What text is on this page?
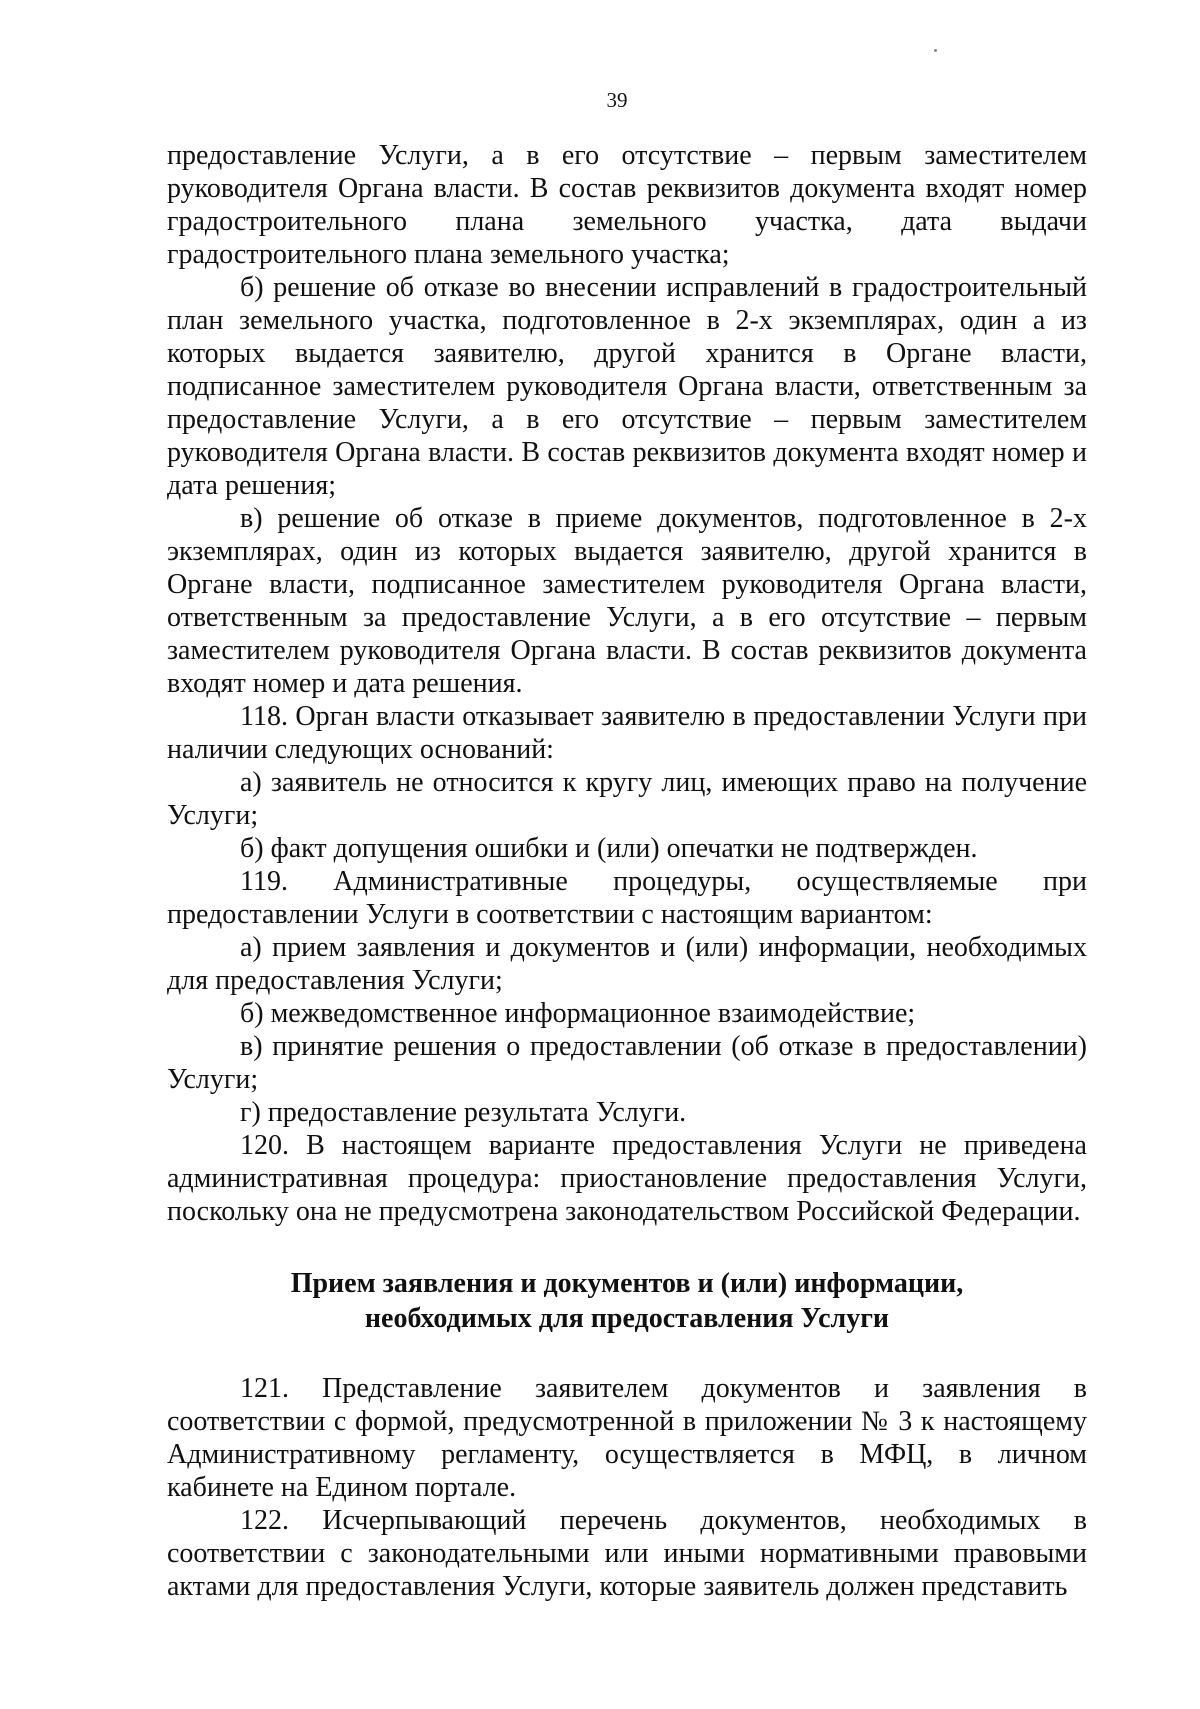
39

предоставление Услуги, а в его отсутствие – первым заместителем руководителя Органа власти. В состав реквизитов документа входят номер градостроительного плана земельного участка, дата выдачи градостроительного плана земельного участка;

б) решение об отказе во внесении исправлений в градостроительный план земельного участка, подготовленное в 2-х экземплярах, один а из которых выдается заявителю, другой хранится в Органе власти, подписанное заместителем руководителя Органа власти, ответственным за предоставление Услуги, а в его отсутствие – первым заместителем руководителя Органа власти. В состав реквизитов документа входят номер и дата решения;

в) решение об отказе в приеме документов, подготовленное в 2-х экземплярах, один из которых выдается заявителю, другой хранится в Органе власти, подписанное заместителем руководителя Органа власти, ответственным за предоставление Услуги, а в его отсутствие – первым заместителем руководителя Органа власти. В состав реквизитов документа входят номер и дата решения.

118. Орган власти отказывает заявителю в предоставлении Услуги при наличии следующих оснований:

а) заявитель не относится к кругу лиц, имеющих право на получение Услуги;

б) факт допущения ошибки и (или) опечатки не подтвержден.

119. Административные процедуры, осуществляемые при предоставлении Услуги в соответствии с настоящим вариантом:

а) прием заявления и документов и (или) информации, необходимых для предоставления Услуги;

б) межведомственное информационное взаимодействие;

в) принятие решения о предоставлении (об отказе в предоставлении) Услуги;

г) предоставление результата Услуги.

120. В настоящем варианте предоставления Услуги не приведена административная процедура: приостановление предоставления Услуги, поскольку она не предусмотрена законодательством Российской Федерации.

Прием заявления и документов и (или) информации,
необходимых для предоставления Услуги

121. Представление заявителем документов и заявления в соответствии с формой, предусмотренной в приложении № 3 к настоящему Административному регламенту, осуществляется в МФЦ, в личном кабинете на Едином портале.

122. Исчерпывающий перечень документов, необходимых в соответствии с законодательными или иными нормативными правовыми актами для предоставления Услуги, которые заявитель должен представить
